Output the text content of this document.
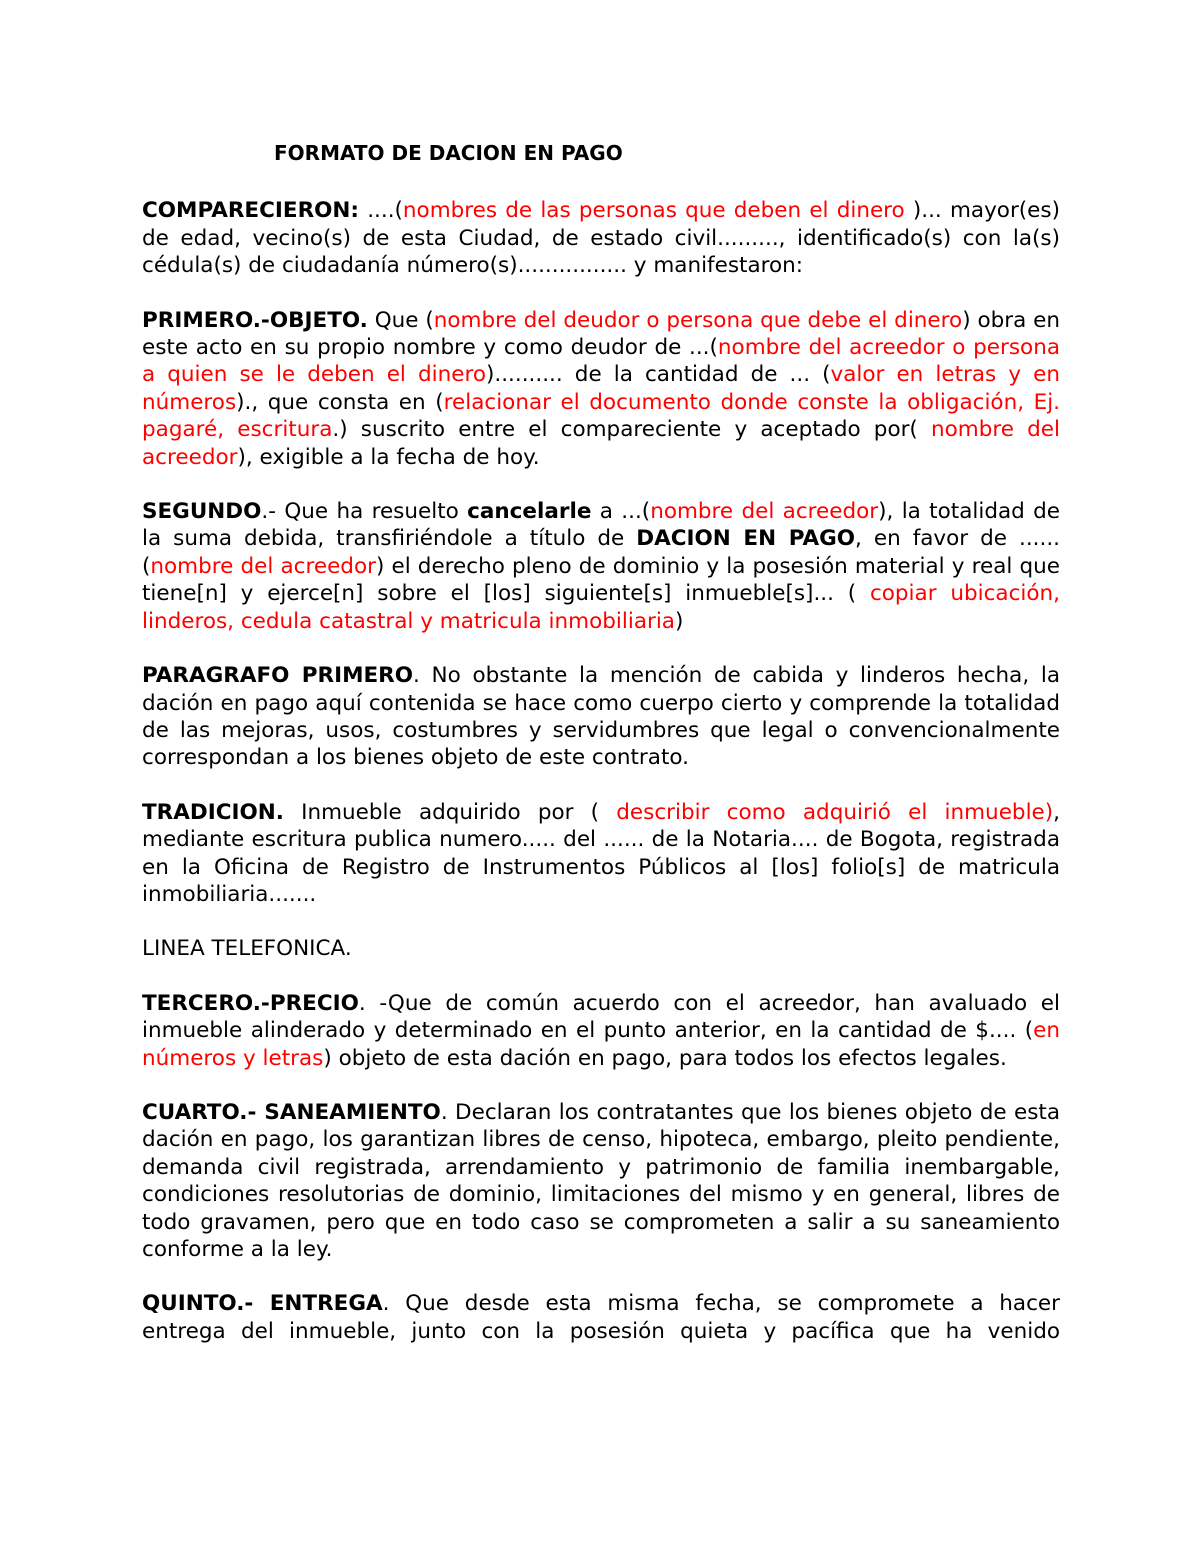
FORMATO DE DACION EN PAGO

COMPARECIERON: ....(nombres de las personas que deben el dinero )... mayor(es) de edad, vecino(s) de esta Ciudad, de estado civil........., identificado(s) con la(s) cédula(s) de ciudadanía número(s)................ y manifestaron:

PRIMERO.-OBJETO. Que (nombre del deudor o persona que debe el dinero) obra en este acto en su propio nombre y como deudor de ...(nombre del acreedor o persona a quien se le deben el dinero).......... de la cantidad de ... (valor en letras y en números)., que consta en (relacionar el documento donde conste la obligación, Ej. pagaré, escritura.) suscrito entre el compareciente y aceptado por( nombre del acreedor), exigible a la fecha de hoy.

SEGUNDO.- Que ha resuelto cancelarle a ...(nombre del acreedor), la totalidad de la suma debida, transfiriéndole a título de DACION EN PAGO, en favor de ......(nombre del acreedor) el derecho pleno de dominio y la posesión material y real que tiene[n] y ejerce[n] sobre el [los] siguiente[s] inmueble[s]... ( copiar ubicación, linderos, cedula catastral y matricula inmobiliaria)

PARAGRAFO PRIMERO. No obstante la mención de cabida y linderos hecha, la dación en pago aquí contenida se hace como cuerpo cierto y comprende la totalidad de las mejoras, usos, costumbres y servidumbres que legal o convencionalmente correspondan a los bienes objeto de este contrato.

TRADICION. Inmueble adquirido por ( describir como adquirió el inmueble), mediante escritura publica numero..... del ...... de la Notaria.... de Bogota, registrada en la Oficina de Registro de Instrumentos Públicos al [los] folio[s] de matricula inmobiliaria.......

LINEA TELEFONICA.

TERCERO.-PRECIO. -Que de común acuerdo con el acreedor, han avaluado el inmueble alinderado y determinado en el punto anterior, en la cantidad de $.... (en números y letras) objeto de esta dación en pago, para todos los efectos legales.

CUARTO.- SANEAMIENTO. Declaran los contratantes que los bienes objeto de esta dación en pago, los garantizan libres de censo, hipoteca, embargo, pleito pendiente, demanda civil registrada, arrendamiento y patrimonio de familia inembargable, condiciones resolutorias de dominio, limitaciones del mismo y en general, libres de todo gravamen, pero que en todo caso se comprometen a salir a su saneamiento conforme a la ley.

QUINTO.- ENTREGA. Que desde esta misma fecha, se compromete a hacer entrega del inmueble, junto con la posesión quieta y pacífica que ha venido
